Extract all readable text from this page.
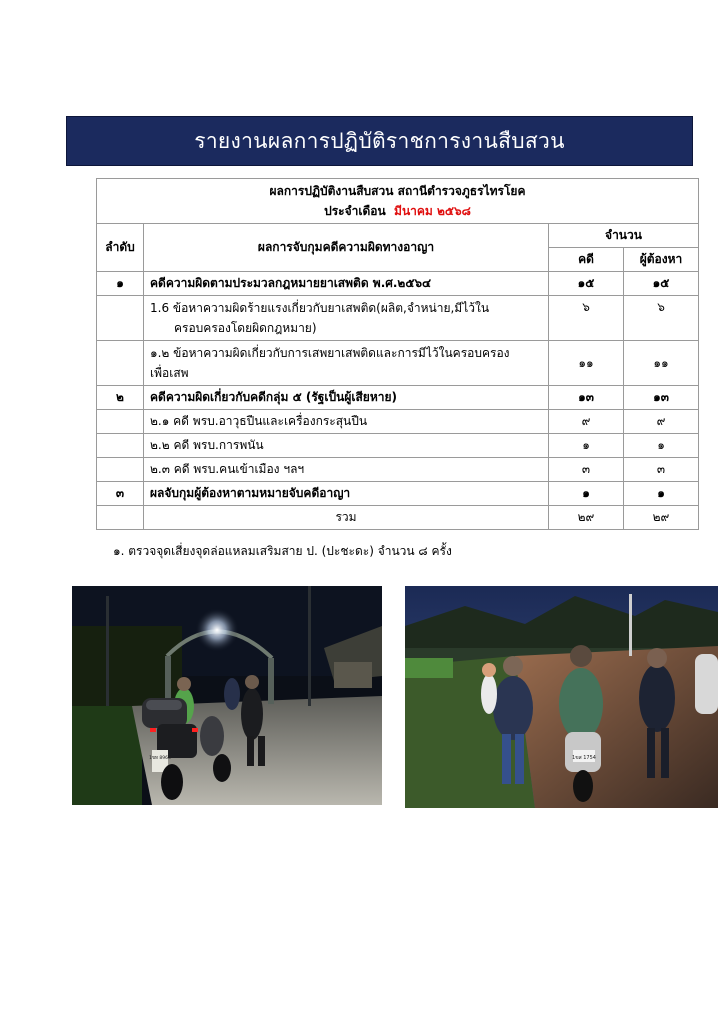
รายงานผลการปฏิบัติราชการงานสืบสวน
ผลการปฏิบัติงานสืบสวน สถานีตำรวจภูธรไทรโยค
ประจำเดือน มีนาคม ๒๕๖๘			

ลำดับ	ผลการจับกุมคดีความผิดทางอาญา	จำนวน	
		คดี	ผู้ต้องหา
๑	คดีความผิดตามประมวลกฎหมายยาเสพติด พ.ศ.๒๕๖๔	๑๕	๑๕

	1.6 ข้อหาความผิดร้ายแรงเกี่ยวกับยาเสพติด(ผลิต,จำหน่าย,มีไว้ใน
ครอบครองโดยผิดกฎหมาย)	๖	๖

	๑.๒ ข้อหาความผิดเกี่ยวกับการเสพยาเสพติดและการมีไว้ในครอบครอง
เพื่อเสพ	๑๑	๑๑
๒	คดีความผิดเกี่ยวกับคดีกลุ่ม ๕ (รัฐเป็นผู้เสียหาย)	๑๓	๑๓
	๒.๑ คดี พรบ.อาวุธปืนและเครื่องกระสุนปืน	๙	๙
	๒.๒ คดี พรบ.การพนัน	๑	๑
	๒.๓ คดี พรบ.คนเข้าเมือง ฯลฯ	๓	๓
๓	ผลจับกุมผู้ต้องหาตามหมายจับคดีอาญา	๑	๑
	รวม	๒๙	๒๙
๑. ตรวจจุดเสี่ยงจุดล่อแหลมเสริมสาย ป. (ปะชะดะ) จำนวน ๘ ครั้ง
1ขท 8963	1ขส 1754
